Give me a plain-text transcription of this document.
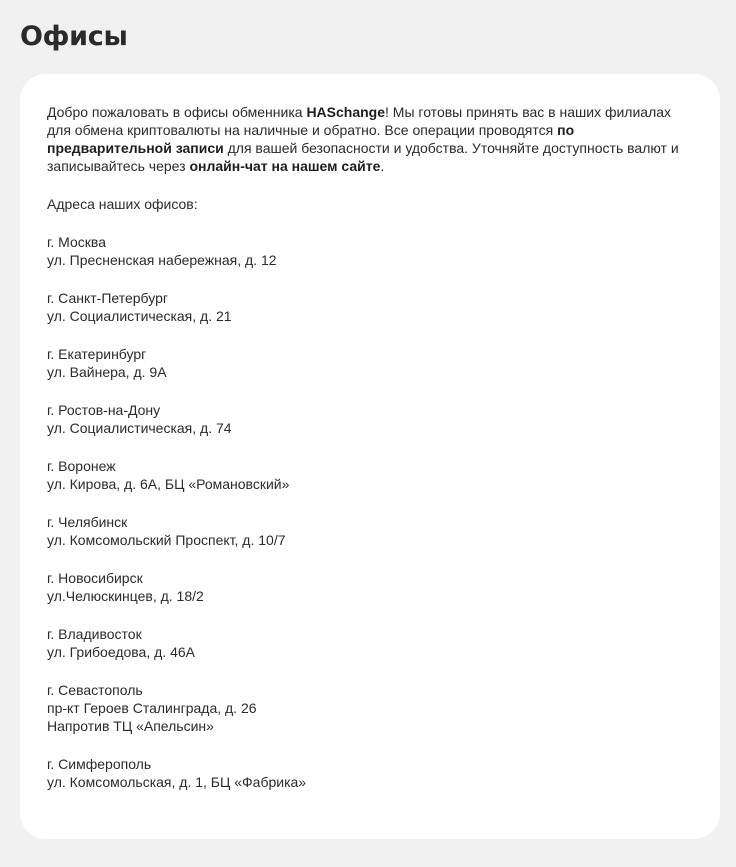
Офисы

Добро пожаловать в офисы обменника HASchange! Мы готовы принять вас в наших филиалах для обмена криптовалюты на наличные и обратно. Все операции проводятся по предварительной записи для вашей безопасности и удобства. Уточняйте доступность валют и записывайтесь через онлайн-чат на нашем сайте.

Адреса наших офисов:

г. Москва
ул. Пресненская набережная, д. 12
г. Санкт-Петербург
ул. Социалистическая, д. 21
г. Екатеринбург
ул. Вайнера, д. 9А
г. Ростов-на-Дону
ул. Социалистическая, д. 74
г. Воронеж
ул. Кирова, д. 6А, БЦ «Романовский»
г. Челябинск
ул. Комсомольский Проспект, д. 10/7
г. Новосибирск
ул.Челюскинцев, д. 18/2
г. Владивосток
ул. Грибоедова, д. 46А
г. Севастополь
пр-кт Героев Сталинграда, д. 26
Напротив ТЦ «Апельсин»
г. Симферополь
ул. Комсомольская, д. 1, БЦ «Фабрика»
